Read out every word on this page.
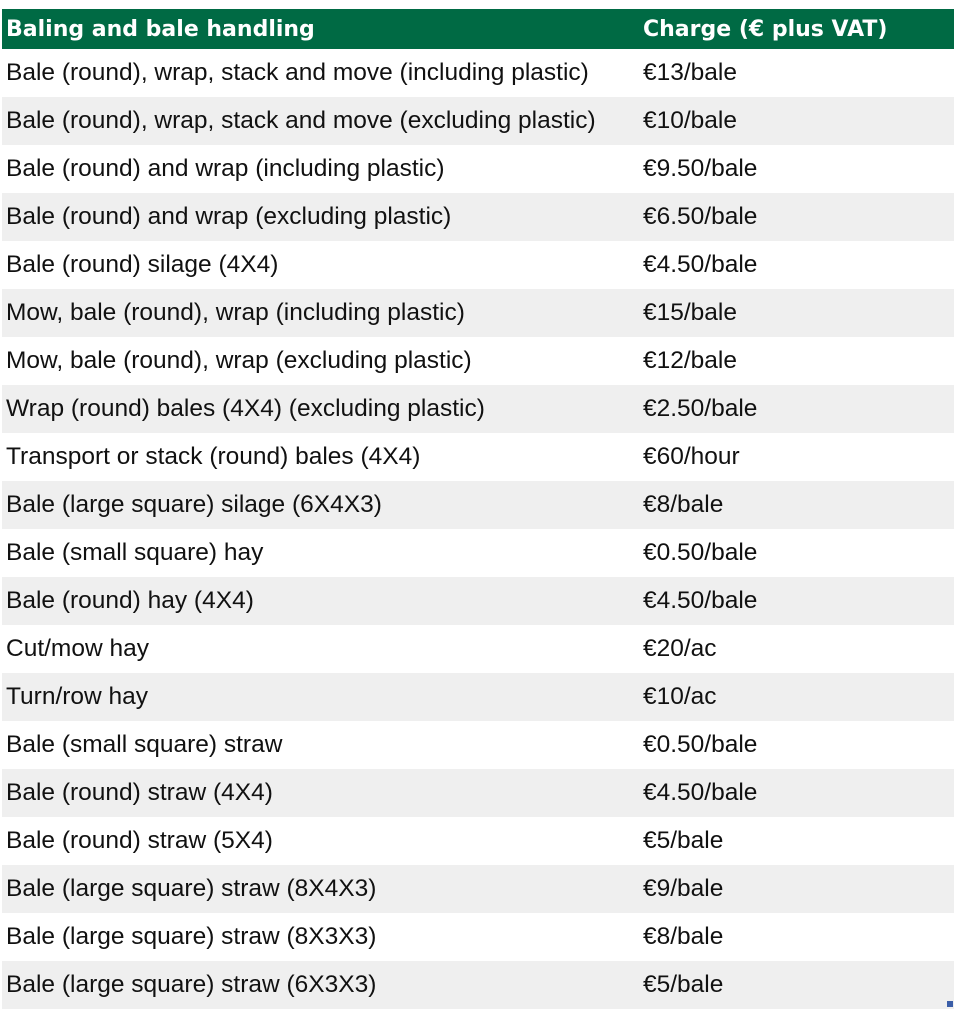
Baling and bale handling	Charge (€ plus VAT)
Bale (round), wrap, stack and move (including plastic)	€13/bale
Bale (round), wrap, stack and move (excluding plastic)	€10/bale
Bale (round) and wrap (including plastic)	€9.50/bale
Bale (round) and wrap (excluding plastic)	€6.50/bale
Bale (round) silage (4X4)	€4.50/bale
Mow, bale (round), wrap (including plastic)	€15/bale
Mow, bale (round), wrap (excluding plastic)	€12/bale
Wrap (round) bales (4X4) (excluding plastic)	€2.50/bale
Transport or stack (round) bales (4X4)	€60/hour
Bale (large square) silage (6X4X3)	€8/bale
Bale (small square) hay	€0.50/bale
Bale (round) hay (4X4)	€4.50/bale
Cut/mow hay	€20/ac
Turn/row hay	€10/ac
Bale (small square) straw	€0.50/bale
Bale (round) straw (4X4)	€4.50/bale
Bale (round) straw (5X4)	€5/bale
Bale (large square) straw (8X4X3)	€9/bale
Bale (large square) straw (8X3X3)	€8/bale
Bale (large square) straw (6X3X3)	€5/bale
